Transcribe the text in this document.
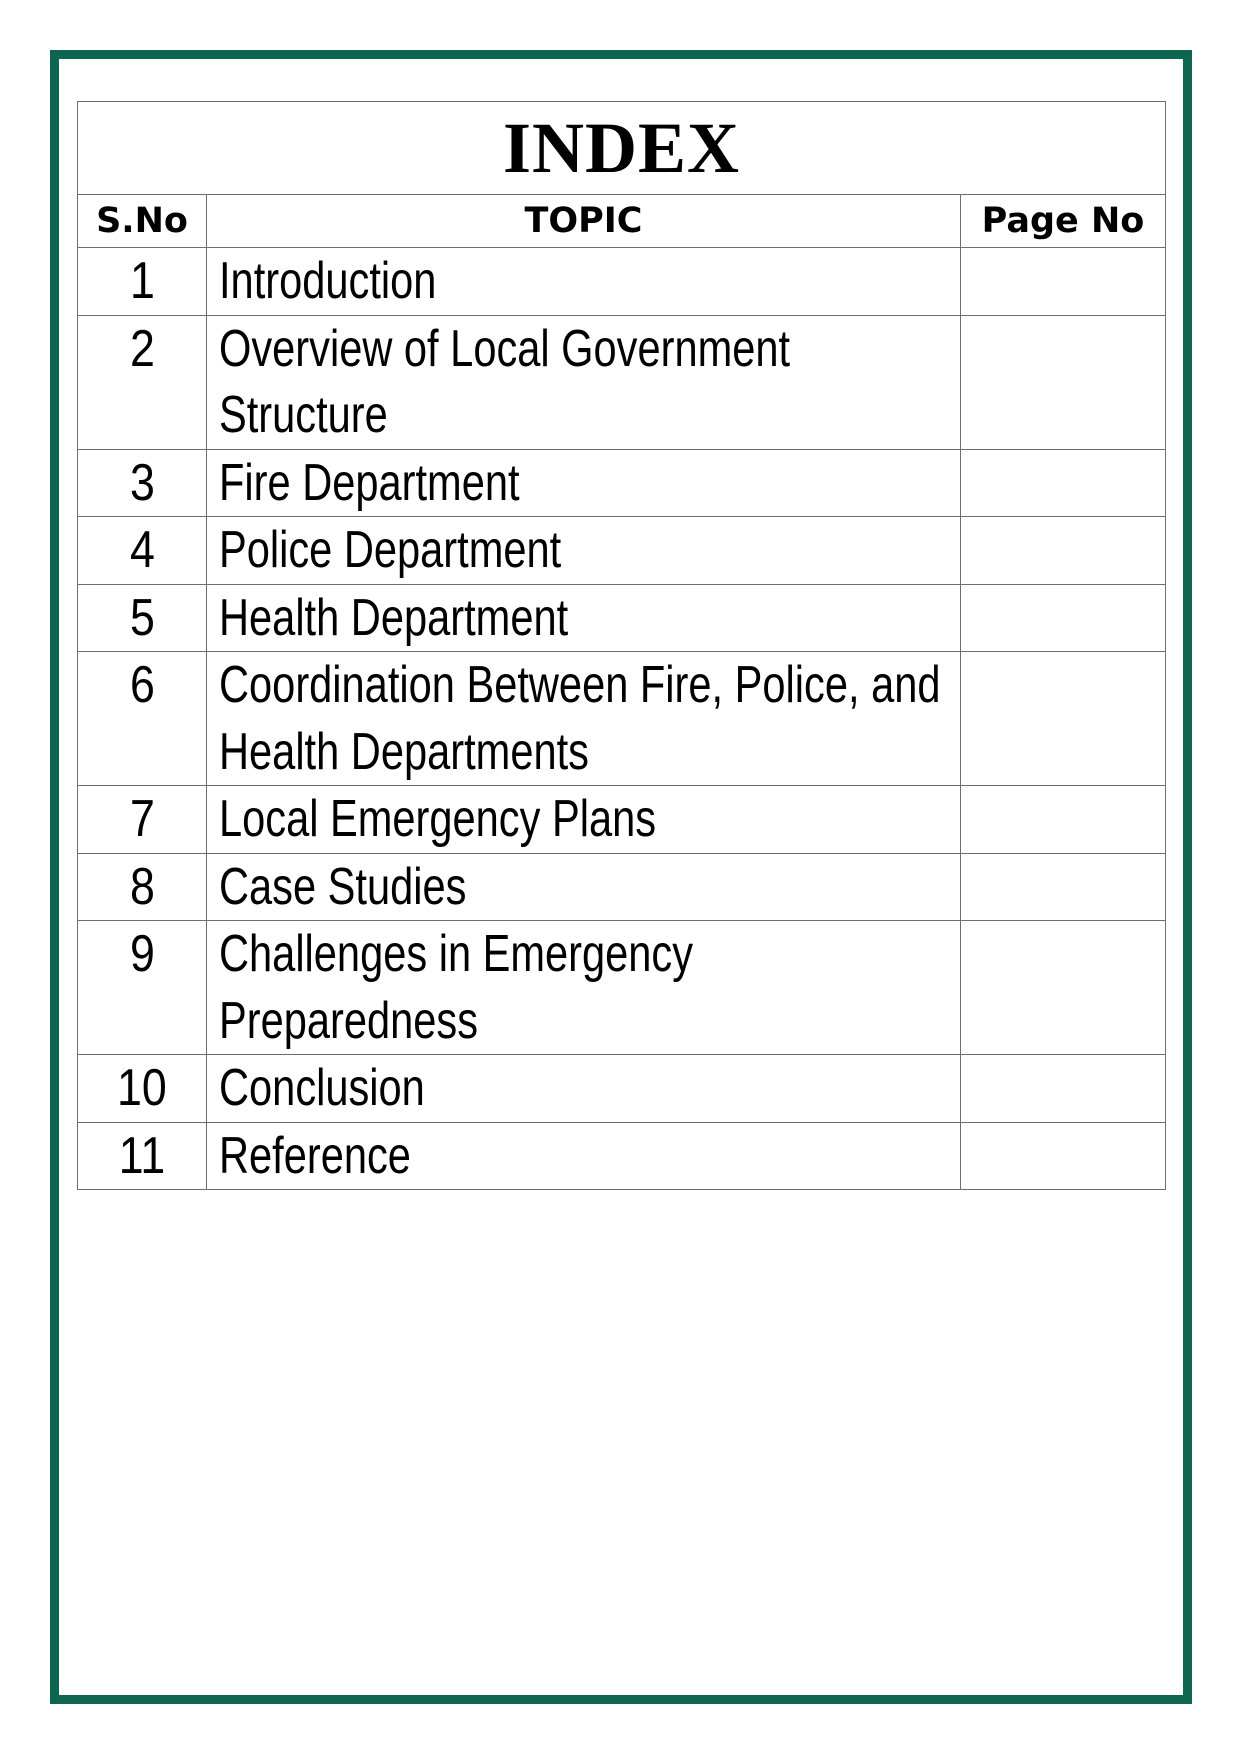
INDEX		
S.No	TOPIC	Page No
1	Introduction	
2	Overview of Local Government Structure	
3	Fire Department	
4	Police Department	
5	Health Department	
6	Coordination Between Fire, Police, and Health Departments	
7	Local Emergency Plans	
8	Case Studies	
9	Challenges in Emergency Preparedness	
10	Conclusion	
11	Reference	
